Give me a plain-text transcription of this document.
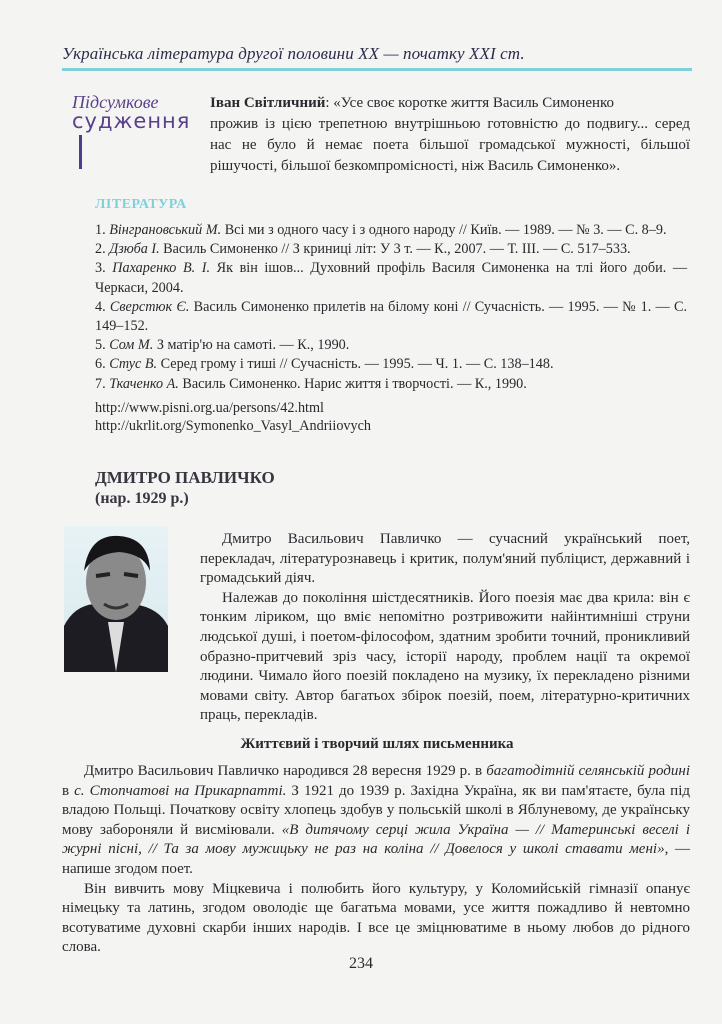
Українська література другої половини XX — початку XXI ст.
Підсумкове
судження
Іван Світличний: «Усе своє коротке життя Василь Симоненко
прожив із цією трепетною внутрішньою готовністю до подвигу... серед нас не було й немає поета більшої громадської мужності, більшої рішучості, більшої безкомпромісності, ніж Василь Симоненко».
ЛІТЕРАТУРА

1. Вінграновський М. Всі ми з одного часу і з одного народу // Київ. — 1989. — № 3. — С. 8–9.

2. Дзюба І. Василь Симоненко // З криниці літ: У 3 т. — К., 2007. — Т. III. — С. 517–533.

3. Пахаренко В. І. Як він ішов... Духовний профіль Василя Симоненка на тлі його доби. — Черкаси, 2004.

4. Сверстюк Є. Василь Симоненко прилетів на білому коні // Сучасність. — 1995. — № 1. — С. 149–152.

5. Сом М. З матір'ю на самоті. — К., 1990.

6. Стус В. Серед грому і тиші // Сучасність. — 1995. — Ч. 1. — С. 138–148.

7. Ткаченко А. Василь Симоненко. Нарис життя і творчості. — К., 1990.

http://www.pisni.org.ua/persons/42.html
http://ukrlit.org/Symonenko_Vasyl_Andriiovych
ДМИТРО ПАВЛИЧКО
(нар. 1929 р.)

Дмитро Васильович Павличко — сучасний український поет, перекладач, літературознавець і критик, полум'яний публіцист, державний і громадський діяч.

Належав до покоління шістдесятників. Його поезія має два крила: він є тонким ліриком, що вміє непомітно розтривожити найінтимніші струни людської душі, і поетом-філософом, здатним зробити точний, проникливий образно-притчевий зріз часу, історії народу, проблем нації та окремої людини. Чимало його поезій покладено на музику, їх перекладено різними мовами світу. Автор багатьох збірок поезій, поем, літературно-критичних праць, перекладів.

Життєвий і творчий шлях письменника

Дмитро Васильович Павличко народився 28 вересня 1929 р. в багатодітній селянській родині в с. Стопчатові на Прикарпатті. З 1921 до 1939 р. Західна Україна, як ви пам'ятаєте, була під владою Польщі. Початкову освіту хлопець здобув у польській школі в Яблуневому, де українську мову забороняли й висміювали. «В дитячому серці жила Україна — // Материнські веселі і журні пісні, // Та за мову мужицьку не раз на коліна // Довелося у школі ставати мені», — напише згодом поет.

Він вивчить мову Міцкевича і полюбить його культуру, у Коломийській гімназії опанує німецьку та латинь, згодом оволодіє ще багатьма мовами, усе життя пожадливо й невтомно всотуватиме духовні скарби інших народів. І все це зміцнюватиме в ньому любов до рідного слова.

234
